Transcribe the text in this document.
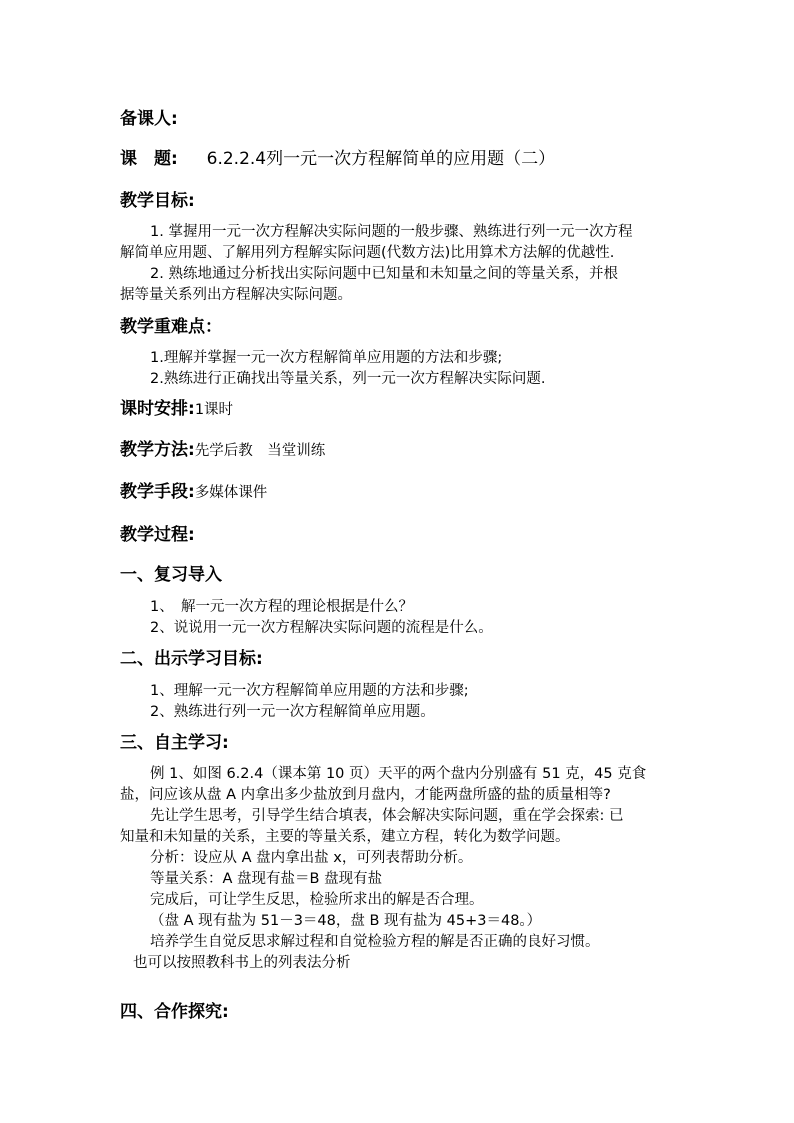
备课人:
课　题: 6.2.2.4列一元一次方程解简单的应用题（二）
教学目标:
1. 掌握用一元一次方程解决实际问题的一般步骤、熟练进行列一元一次方程
解简单应用题、了解用列方程解实际问题(代数方法)比用算术方法解的优越性.
2. 熟练地通过分析找出实际问题中已知量和未知量之间的等量关系，并根
据等量关系列出方程解决实际问题。
教学重难点：
1.理解并掌握一元一次方程解简单应用题的方法和步骤;
2.熟练进行正确找出等量关系，列一元一次方程解决实际问题.
课时安排:1课时
教学方法:先学后教　当堂训练
教学手段:多媒体课件
教学过程:
一、复习导入
1、　解一元一次方程的理论根据是什么？
2、说说用一元一次方程解决实际问题的流程是什么。
二、出示学习目标:
1、理解一元一次方程解简单应用题的方法和步骤;
2、熟练进行列一元一次方程解简单应用题。
三、自主学习:
例 1、如图 6.2.4（课本第 10 页）天平的两个盘内分别盛有 51 克，45 克食
盐，问应该从盘 A 内拿出多少盐放到月盘内，才能两盘所盛的盐的质量相等?
先让学生思考，引导学生结合填表，体会解决实际问题，重在学会探索: 已
知量和未知量的关系，主要的等量关系，建立方程，转化为数学问题。
分析：设应从 A 盘内拿出盐 x，可列表帮助分析。
等量关系：A 盘现有盐＝B 盘现有盐
完成后，可让学生反思，检验所求出的解是否合理。
（盘 A 现有盐为 51－3＝48，盘 B 现有盐为 45+3＝48。）
培养学生自觉反思求解过程和自觉检验方程的解是否正确的良好习惯。
也可以按照教科书上的列表法分析
四、合作探究:
